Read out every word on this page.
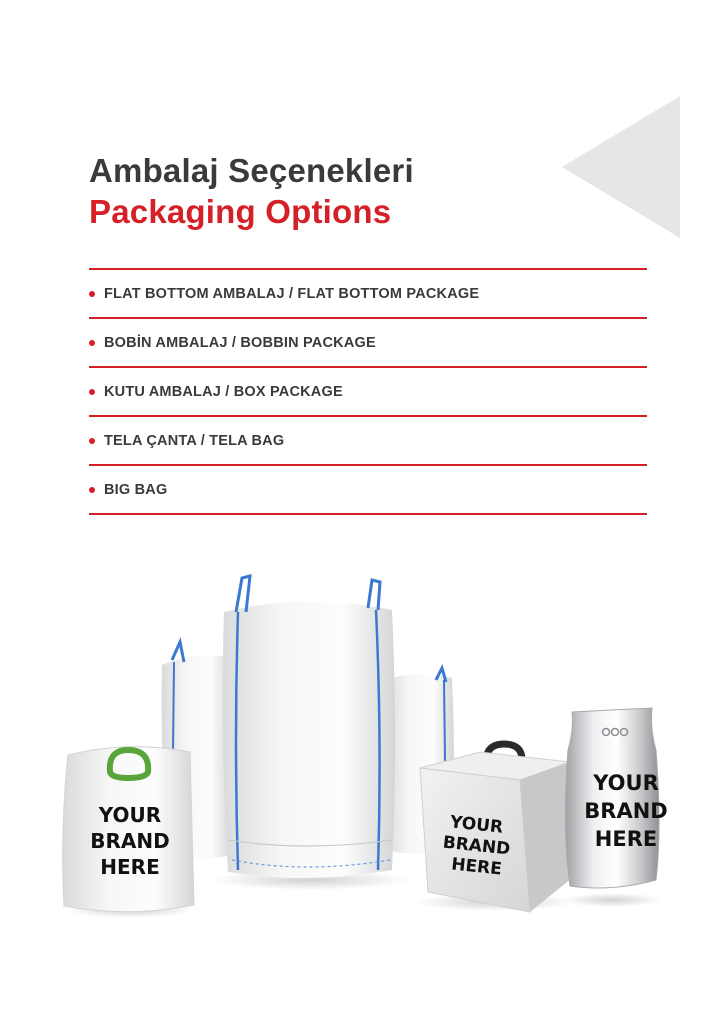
Ambalaj Seçenekleri
Packaging Options
FLAT BOTTOM AMBALAJ / FLAT BOTTOM PACKAGE
BOBİN AMBALAJ / BOBBIN PACKAGE
KUTU AMBALAJ / BOX PACKAGE
TELA ÇANTA / TELA BAG
BIG BAG
YOUR
BRAND
HERE
YOUR
BRAND
HERE
YOUR
BRAND
HERE
